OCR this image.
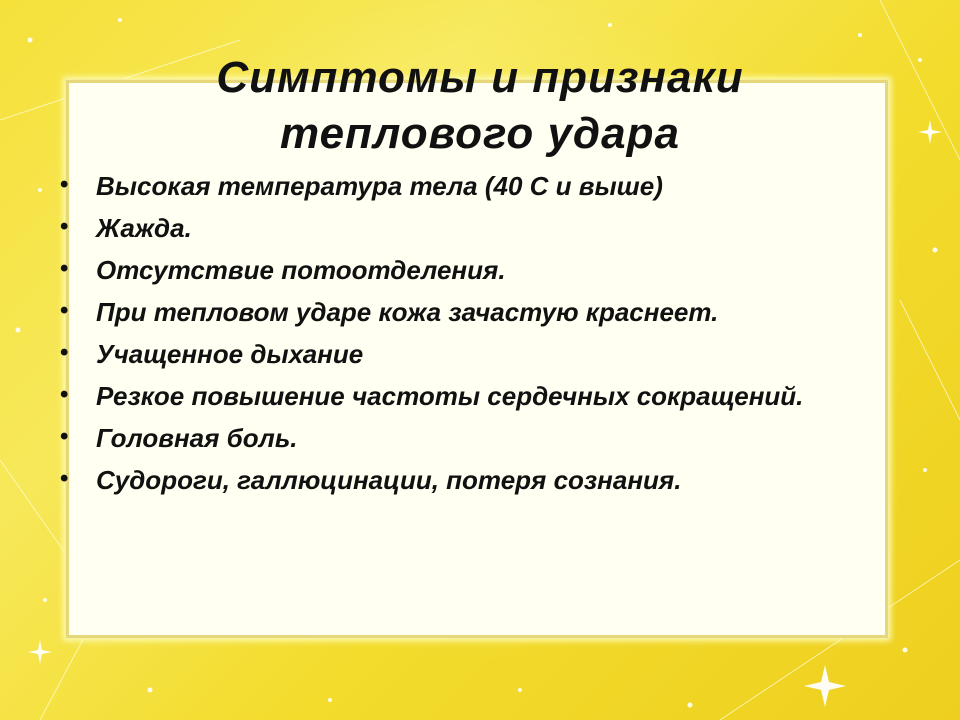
Симптомы и признаки
теплового удара
• Высокая температура тела (40 С и выше)
• Жажда.
• Отсутствие потоотделения.
• При тепловом ударе кожа зачастую краснеет.
• Учащенное дыхание
• Резкое повышение частоты сердечных сокращений.
• Головная боль.
• Судороги, галлюцинации, потеря сознания.
